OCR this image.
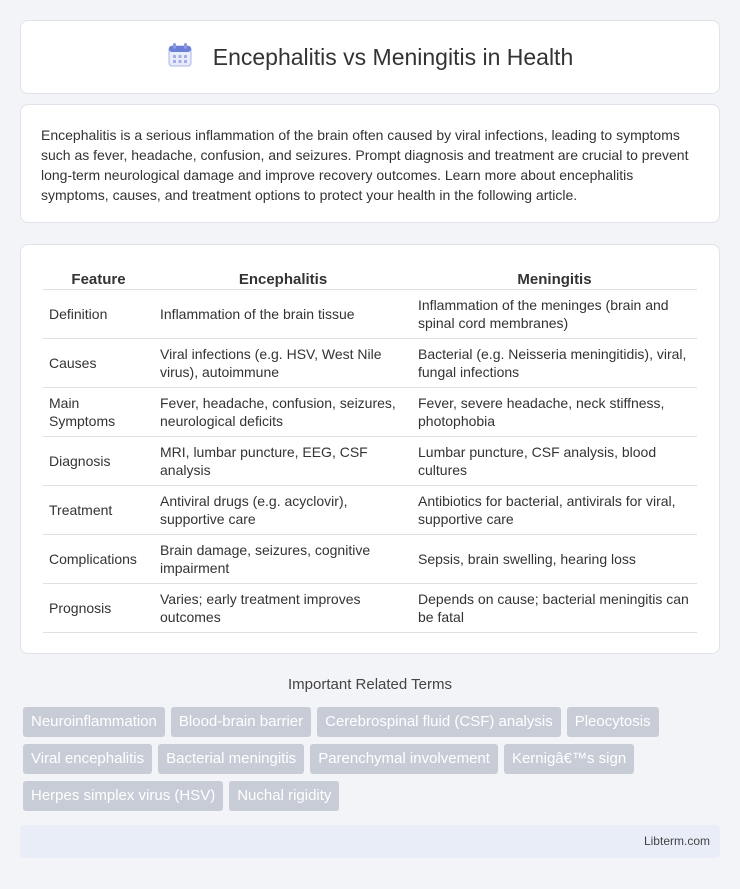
Encephalitis vs Meningitis in Health

Encephalitis is a serious inflammation of the brain often caused by viral infections, leading to symptoms such as fever, headache, confusion, and seizures. Prompt diagnosis and treatment are crucial to prevent long-term neurological damage and improve recovery outcomes. Learn more about encephalitis symptoms, causes, and treatment options to protect your health in the following article.

Feature	Encephalitis	Meningitis
Definition	Inflammation of the brain tissue	Inflammation of the meninges (brain and spinal cord membranes)
Causes	Viral infections (e.g. HSV, West Nile virus), autoimmune	Bacterial (e.g. Neisseria meningitidis), viral, fungal infections
Main Symptoms	Fever, headache, confusion, seizures, neurological deficits	Fever, severe headache, neck stiffness, photophobia
Diagnosis	MRI, lumbar puncture, EEG, CSF analysis	Lumbar puncture, CSF analysis, blood cultures
Treatment	Antiviral drugs (e.g. acyclovir), supportive care	Antibiotics for bacterial, antivirals for viral, supportive care
Complications	Brain damage, seizures, cognitive impairment	Sepsis, brain swelling, hearing loss
Prognosis	Varies; early treatment improves outcomes	Depends on cause; bacterial meningitis can be fatal
Important Related Terms
Neuroinflammation	Blood-brain barrier	Cerebrospinal fluid (CSF) analysis	Pleocytosis
Viral encephalitis	Bacterial meningitis	Parenchymal involvement	Kernigâ€™s sign
Herpes simplex virus (HSV)	Nuchal rigidity
Libterm.com
